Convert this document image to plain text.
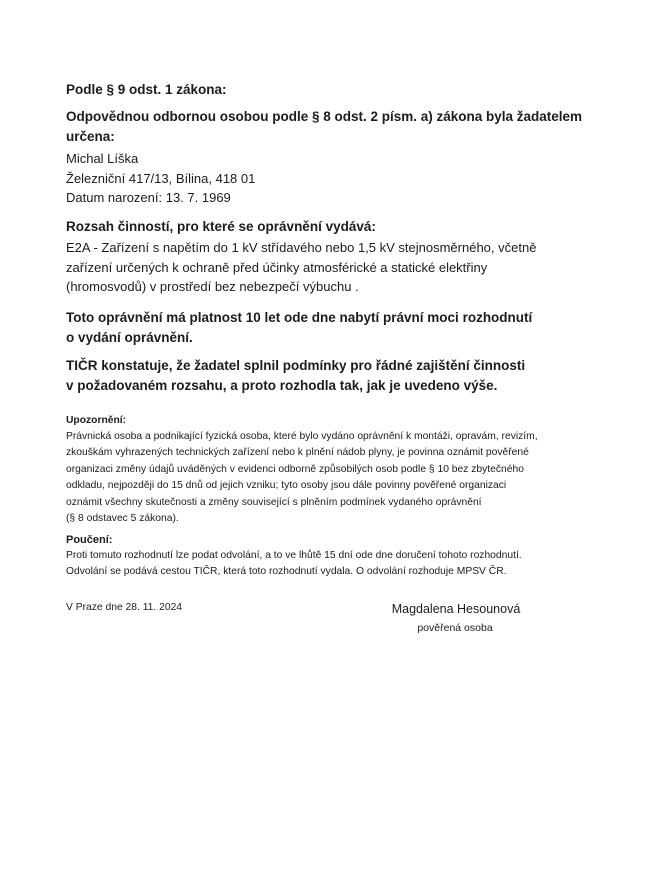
Podle § 9 odst. 1 zákona:
Odpovědnou odbornou osobou podle § 8 odst. 2 písm. a) zákona byla žadatelem
určena:
Michal Líška
Železniční 417/13, Bílina, 418 01
Datum narození: 13. 7. 1969
Rozsah činností, pro které se oprávnění vydává:
E2A - Zařízení s napětím do 1 kV střídavého nebo 1,5 kV stejnosměrného, včetně
zařízení určených k ochraně před účinky atmosférické a statické elektřiny
(hromosvodů) v prostředí bez nebezpečí výbuchu .
Toto oprávnění má platnost 10 let ode dne nabytí právní moci rozhodnutí
o vydání oprávnění.
TIČR konstatuje, že žadatel splnil podmínky pro řádné zajištění činnosti
v požadovaném rozsahu, a proto rozhodla tak, jak je uvedeno výše.
Upozornění:
Právnická osoba a podnikající fyzická osoba, které bylo vydáno oprávnění k montáži, opravám, revizím,
zkouškám vyhrazených technických zařízení nebo k plnění nádob plyny, je povinna oznámit pověřené
organizaci změny údajů uváděných v evidenci odborně způsobilých osob podle § 10 bez zbytečného
odkladu, nejpozději do 15 dnů od jejich vzniku; tyto osoby jsou dále povinny pověřené organizaci
oznámit všechny skutečnosti a změny související s plněním podmínek vydaného oprávnění
(§ 8 odstavec 5 zákona).
Poučení:
Proti tomuto rozhodnutí lze podat odvolání, a to ve lhůtě 15 dní ode dne doručení tohoto rozhodnutí.
Odvolání se podává cestou TIČR, která toto rozhodnutí vydala. O odvolání rozhoduje MPSV ČR.
V Praze dne 28. 11. 2024	Magdalena Hesounová
pověřená osoba
